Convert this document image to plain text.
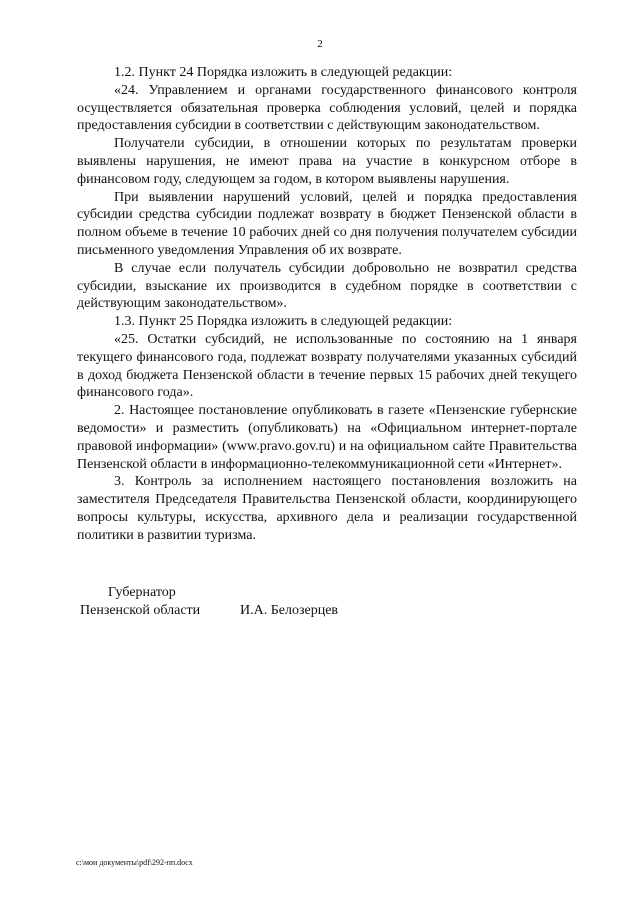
2

1.2. Пункт 24 Порядка изложить в следующей редакции:

«24. Управлением и органами государственного финансового контроля осуществляется обязательная проверка соблюдения условий, целей и порядка предоставления субсидии в соответствии с действующим законодательством.

Получатели субсидии, в отношении которых по результатам проверки выявлены нарушения, не имеют права на участие в конкурсном отборе в финансовом году, следующем за годом, в котором выявлены нарушения.

При выявлении нарушений условий, целей и порядка предоставления субсидии средства субсидии подлежат возврату в бюджет Пензенской области в полном объеме в течение 10 рабочих дней со дня получения получателем субсидии письменного уведомления Управления об их возврате.

В случае если получатель субсидии добровольно не возвратил средства субсидии, взыскание их производится в судебном порядке в соответствии с действующим законодательством».

1.3. Пункт 25 Порядка изложить в следующей редакции:

«25. Остатки субсидий, не использованные по состоянию на 1 января текущего финансового года, подлежат возврату получателями указанных субсидий в доход бюджета Пензенской области в течение первых 15 рабочих дней текущего финансового года».

2. Настоящее постановление опубликовать в газете «Пензенские губернские ведомости» и разместить (опубликовать) на «Официальном интернет-портале правовой информации» (www.pravo.gov.ru) и на официальном сайте Правительства Пензенской области в информационно-телекоммуникационной сети «Интернет».

3. Контроль за исполнением настоящего постановления возложить на заместителя Председателя Правительства Пензенской области, координирующего вопросы культуры, искусства, архивного дела и реализации государственной политики в развитии туризма.

Губернатор
Пензенской области	И.А. Белозерцев
c:\мои документы\pdf\292-пп.docx
